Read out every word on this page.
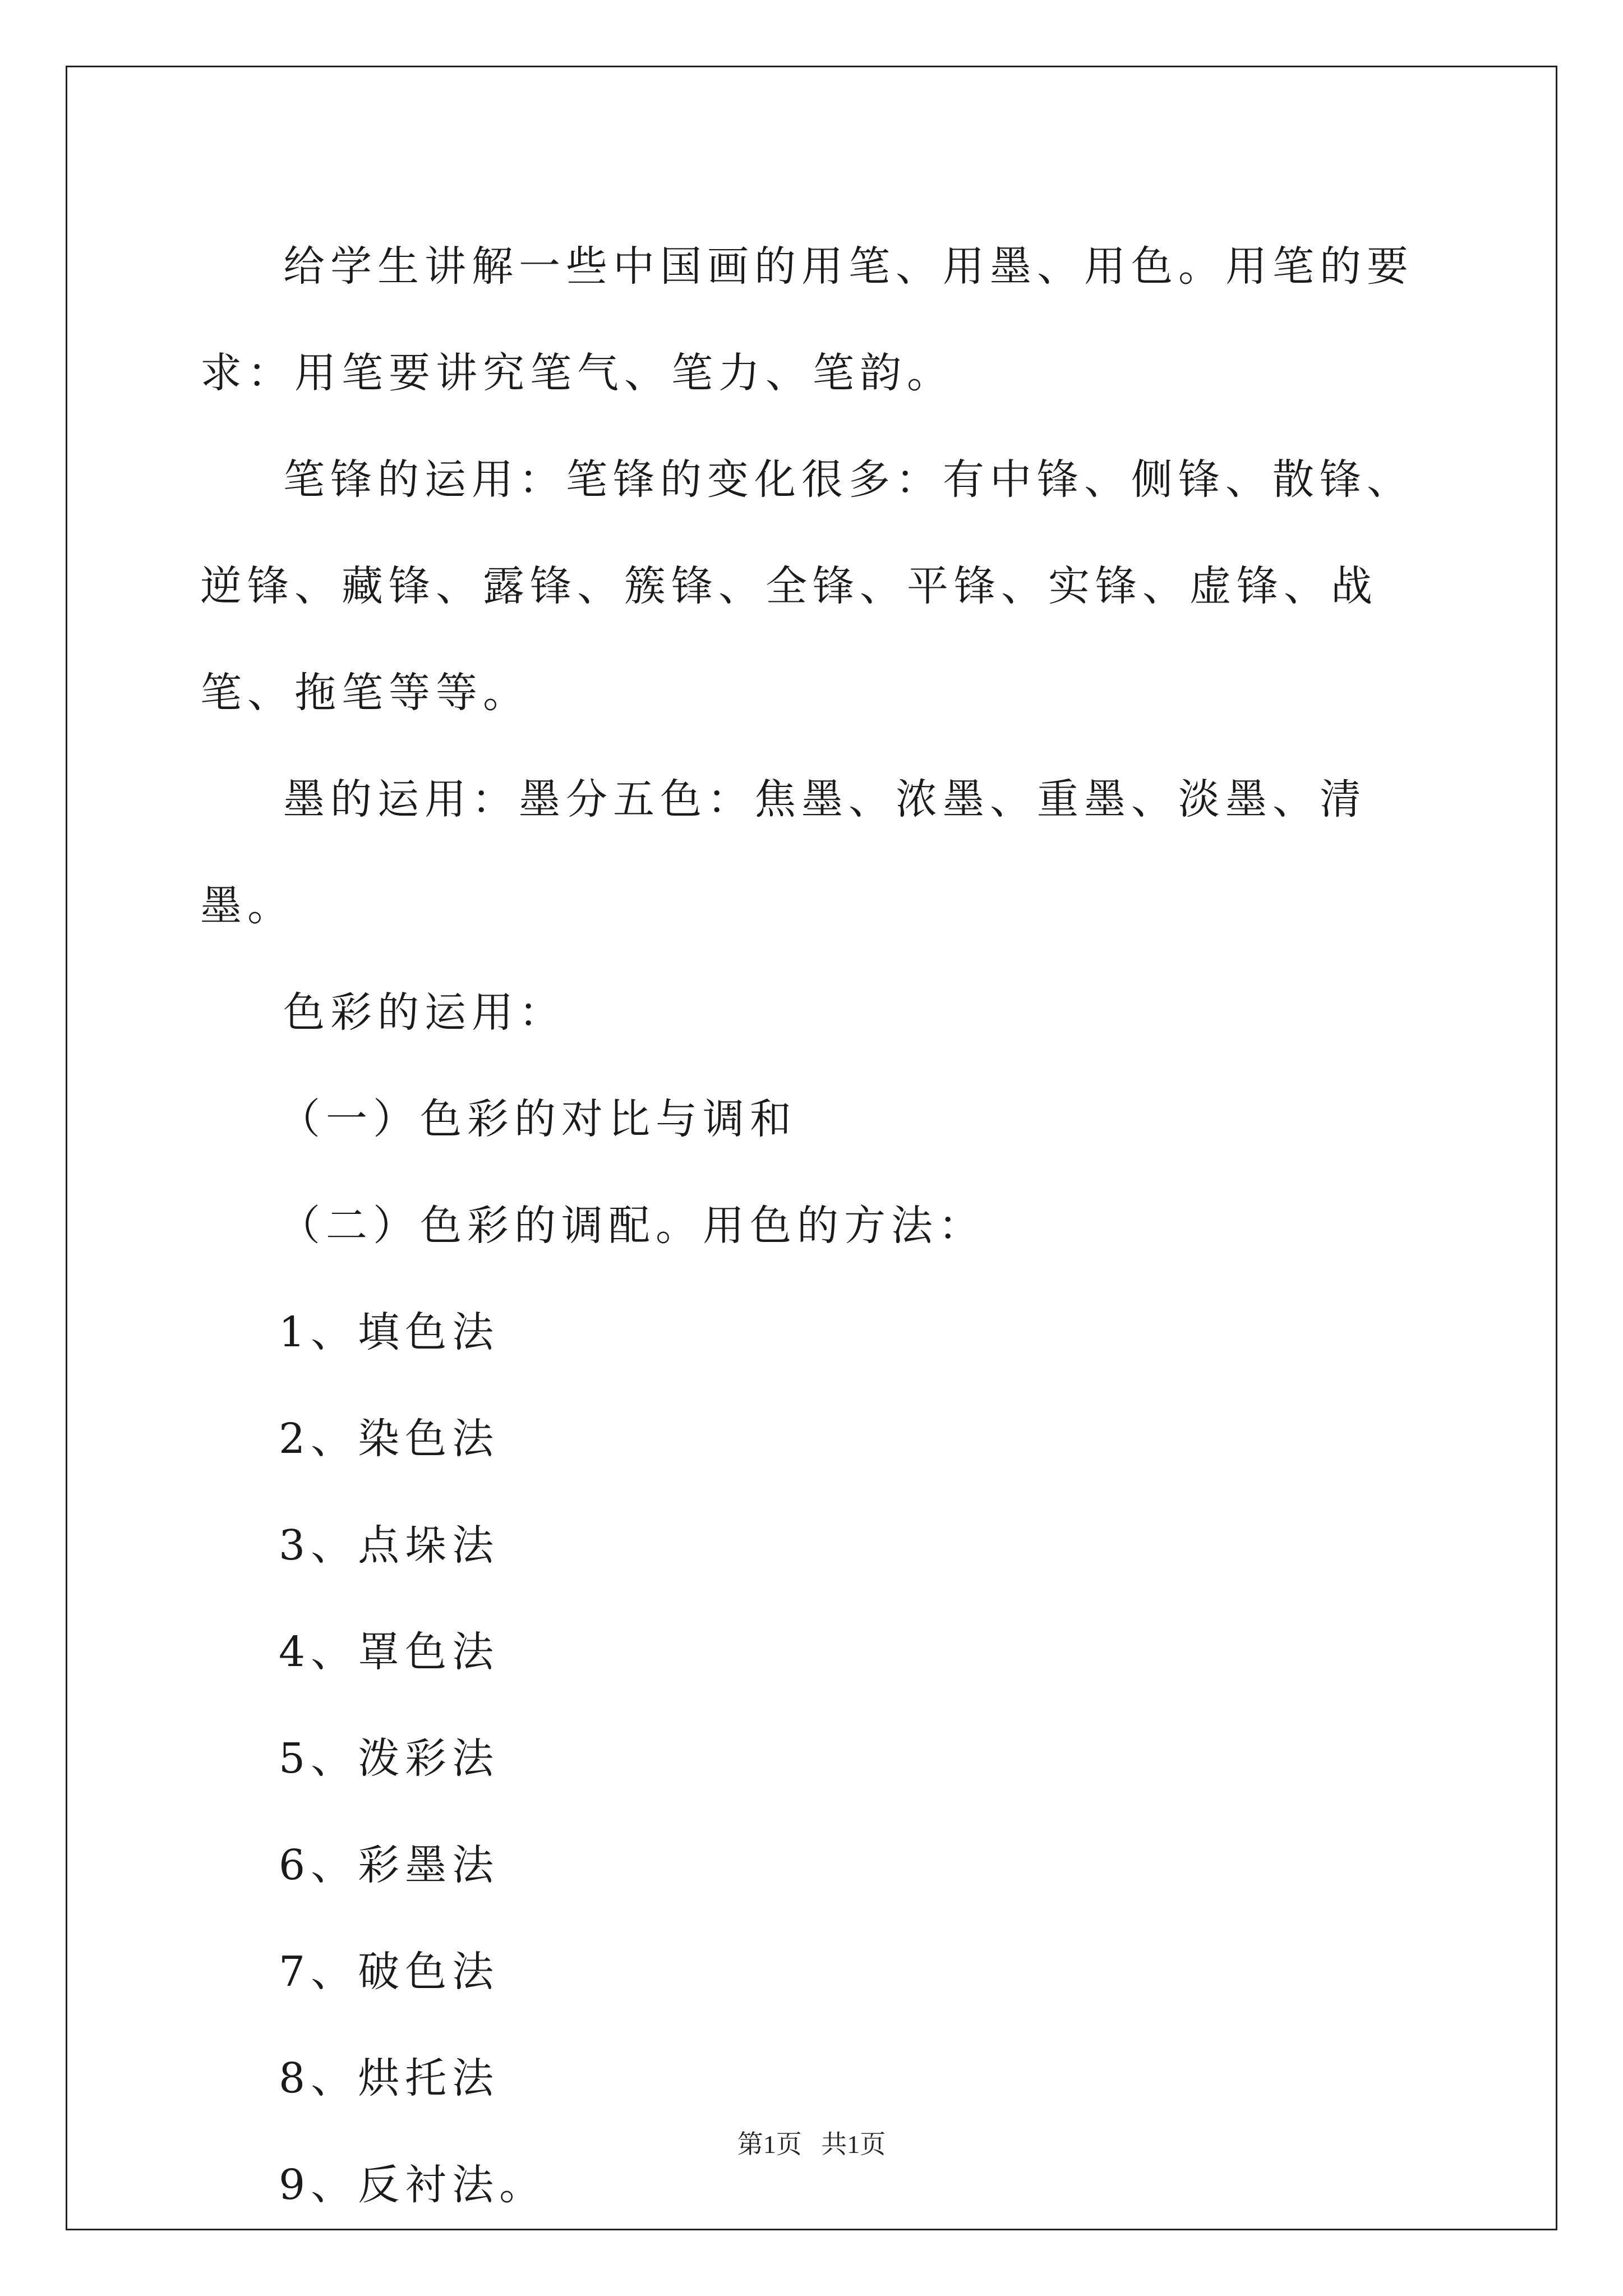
给学生讲解一些中国画的用笔、用墨、用色。用笔的要求：用笔要讲究笔气、笔力、笔韵。

笔锋的运用：笔锋的变化很多：有中锋、侧锋、散锋、逆锋、藏锋、露锋、簇锋、全锋、平锋、实锋、虚锋、战笔、拖笔等等。

墨的运用：墨分五色：焦墨、浓墨、重墨、淡墨、清墨。

色彩的运用：

（一）色彩的对比与调和

（二）色彩的调配。用色的方法：

1、填色法

2、染色法

3、点垛法

4、罩色法

5、泼彩法

6、彩墨法

7、破色法

8、烘托法

9、反衬法。

第1页   共1页
